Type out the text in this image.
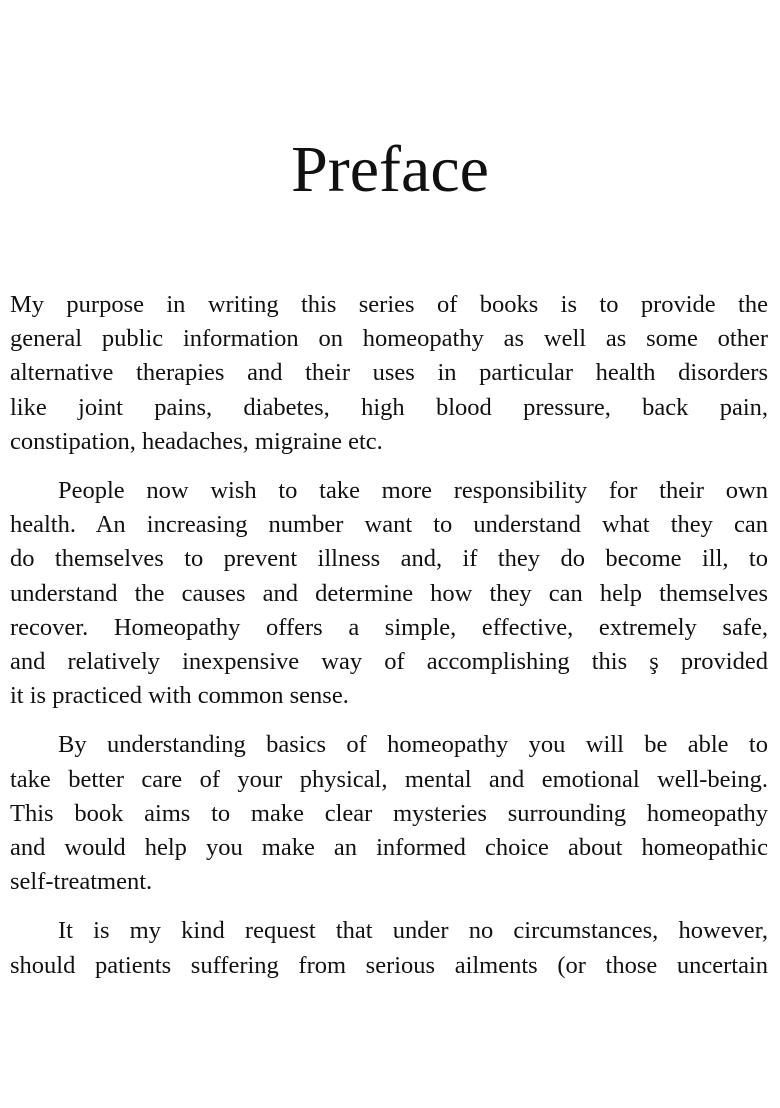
Preface

My purpose in writing this series of books is to provide the
general public information on homeopathy as well as some other
alternative therapies and their uses in particular health disorders
like joint pains, diabetes, high blood pressure, back pain,
constipation, headaches, migraine etc.

People now wish to take more responsibility for their own
health. An increasing number want to understand what they can
do themselves to prevent illness and, if they do become ill, to
understand the causes and determine how they can help themselves
recover. Homeopathy offers a simple, effective, extremely safe,
and relatively inexpensive way of accomplishing this ş provided
it is practiced with common sense.

By understanding basics of homeopathy you will be able to
take better care of your physical, mental and emotional well-being.
This book aims to make clear mysteries surrounding homeopathy
and would help you make an informed choice about homeopathic
self-treatment.

It is my kind request that under no circumstances, however,
should patients suffering from serious ailments (or those uncertain
